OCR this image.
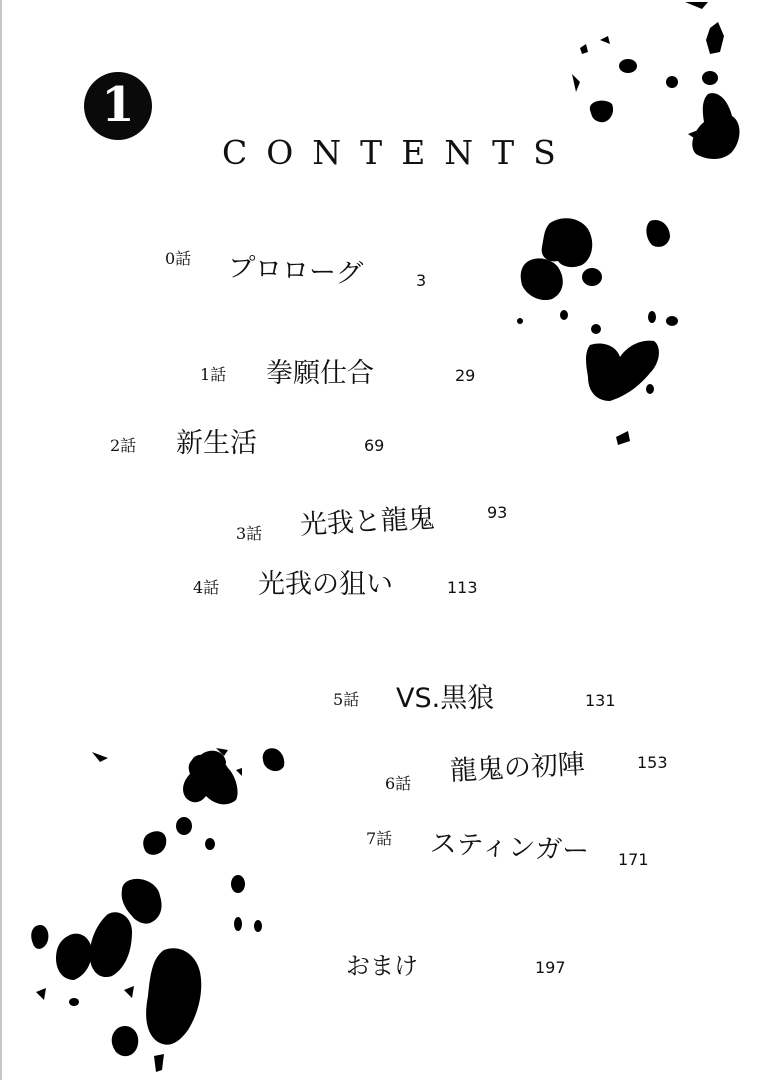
1
CONTENTS
0話 プロローグ	3
1話 拳願仕合	29
2話 新生活	69
3話 光我と龍鬼	93
4話 光我の狙い	113
5話 VS.黒狼	131
6話 龍鬼の初陣	153
7話 スティンガー 171
おまけ	197
